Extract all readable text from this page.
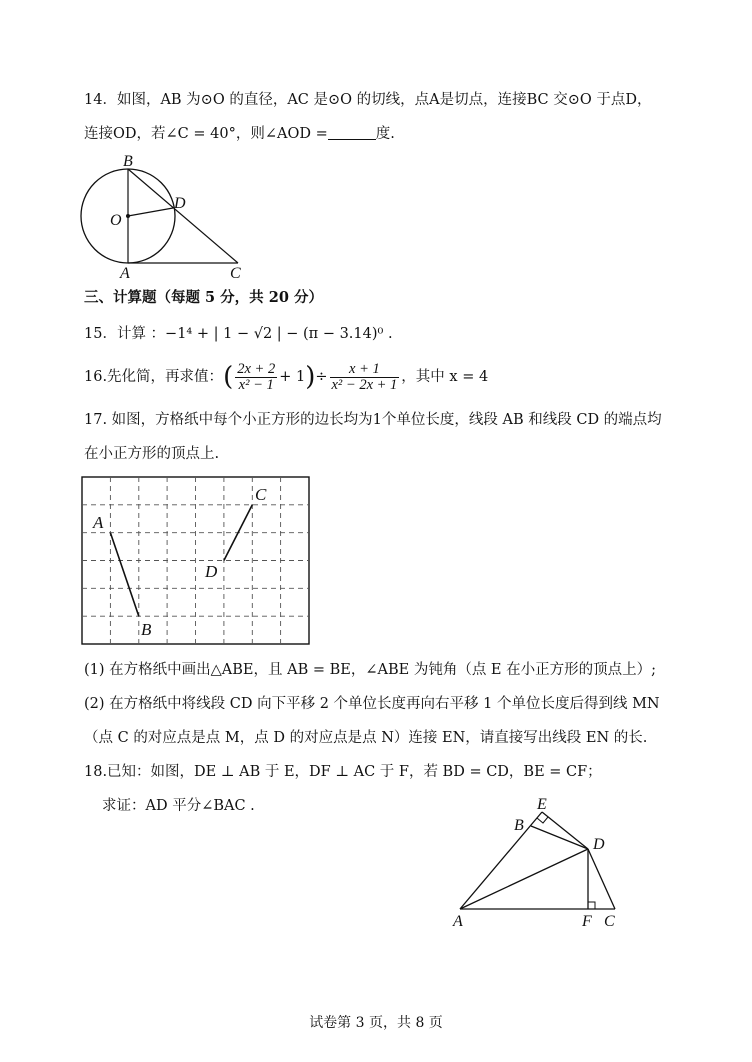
14．如图，AB 为⊙O 的直径，AC 是⊙O 的切线，点A是切点，连接BC 交⊙O 于点D，
连接OD，若∠C = 40°，则∠AOD =	度.
B
D
O
A	C
三、计算题（每题 5 分，共 20 分）
15．计算 ：−1⁴ + | 1 − √2 | − (π − 3.14)⁰ .
16.先化简，再求值：( $\frac{2x + 2}{\text{x² − 1}} + 1)\div \frac{x + 1}{\text{x² − 2x + 1}}$ ，其中 x = 4
17. 如图，方格纸中每个小正方形的边长均为1个单位长度，线段 AB 和线段 CD 的端点均
在小正方形的顶点上.
A
B
C
D
(1) 在方格纸中画出△ABE，且 AB = BE，∠ABE 为钝角（点 E 在小正方形的顶点上）;
(2) 在方格纸中将线段 CD 向下平移 2 个单位长度再向右平移 1 个单位长度后得到线 MN
（点 C 的对应点是点 M，点 D 的对应点是点 N）连接 EN，请直接写出线段 EN 的长.
18.已知：如图，DE ⊥ AB 于 E，DF ⊥ AC 于 F，若 BD = CD，BE = CF；
求证：AD 平分∠BAC .	E
B
D
A	F C
试卷第 3 页，共 8 页
